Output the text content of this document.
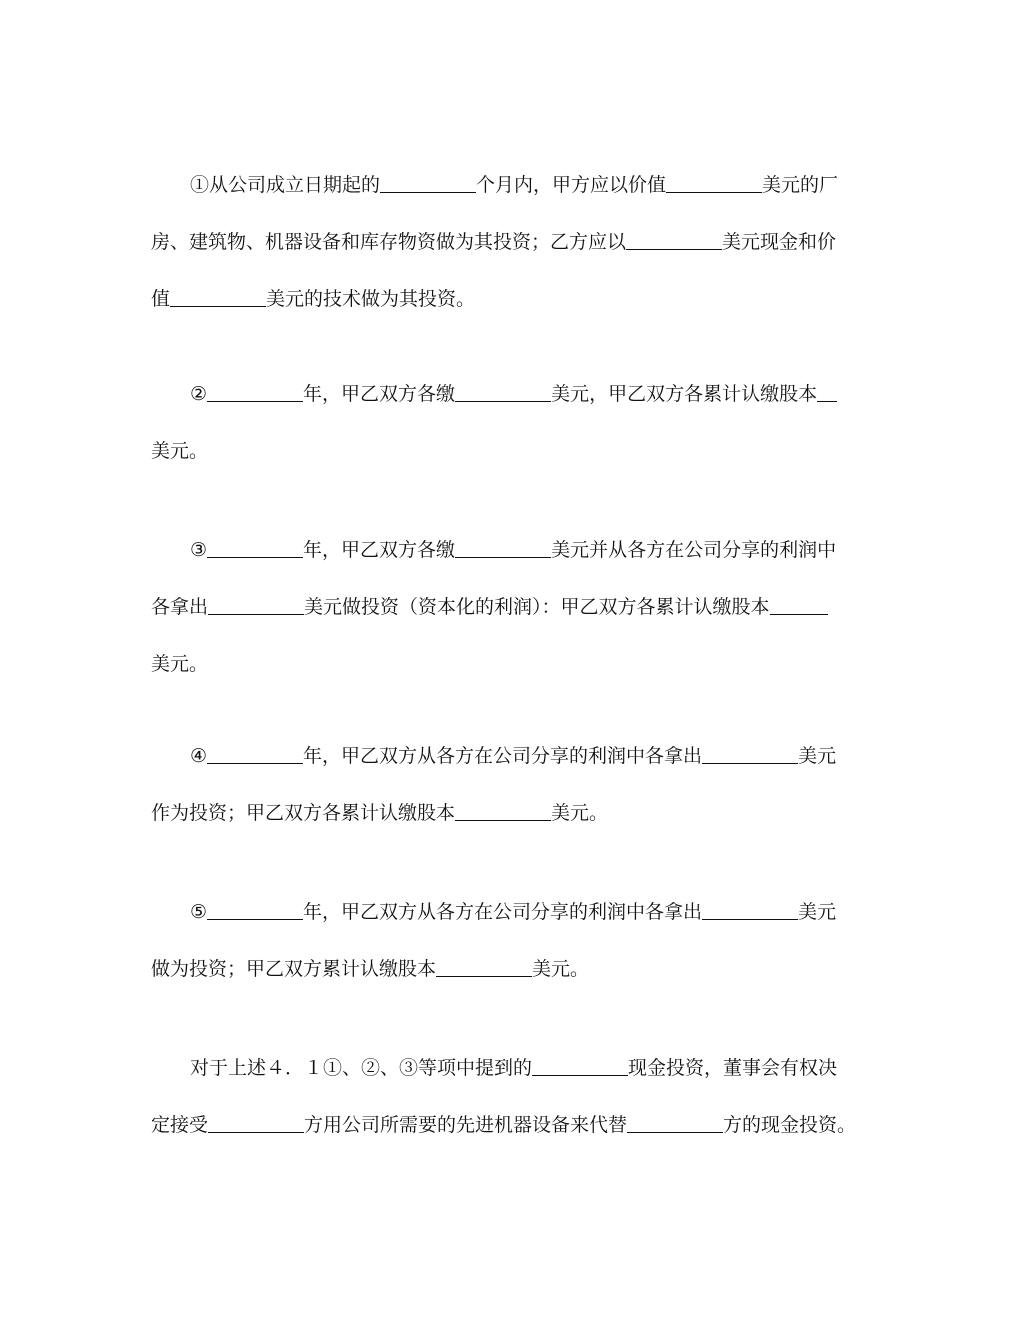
①从公司成立日期起的	个月内，甲方应以价值	美元的厂
房、建筑物、机器设备和库存物资做为其投资；乙方应以	美元现金和价
值	美元的技术做为其投资。
②	年，甲乙双方各缴	美元，甲乙双方各累计认缴股本
美元。
③	年，甲乙双方各缴	美元并从各方在公司分享的利润中
各拿出	美元做投资（资本化的利润）：甲乙双方各累计认缴股本
美元。
④	年，甲乙双方从各方在公司分享的利润中各拿出	美元
作为投资；甲乙双方各累计认缴股本	美元。
⑤	年，甲乙双方从各方在公司分享的利润中各拿出	美元
做为投资；甲乙双方累计认缴股本	美元。
对于上述４．１①、②、③等项中提到的	现金投资，董事会有权决
定接受	方用公司所需要的先进机器设备来代替	方的现金投资。
